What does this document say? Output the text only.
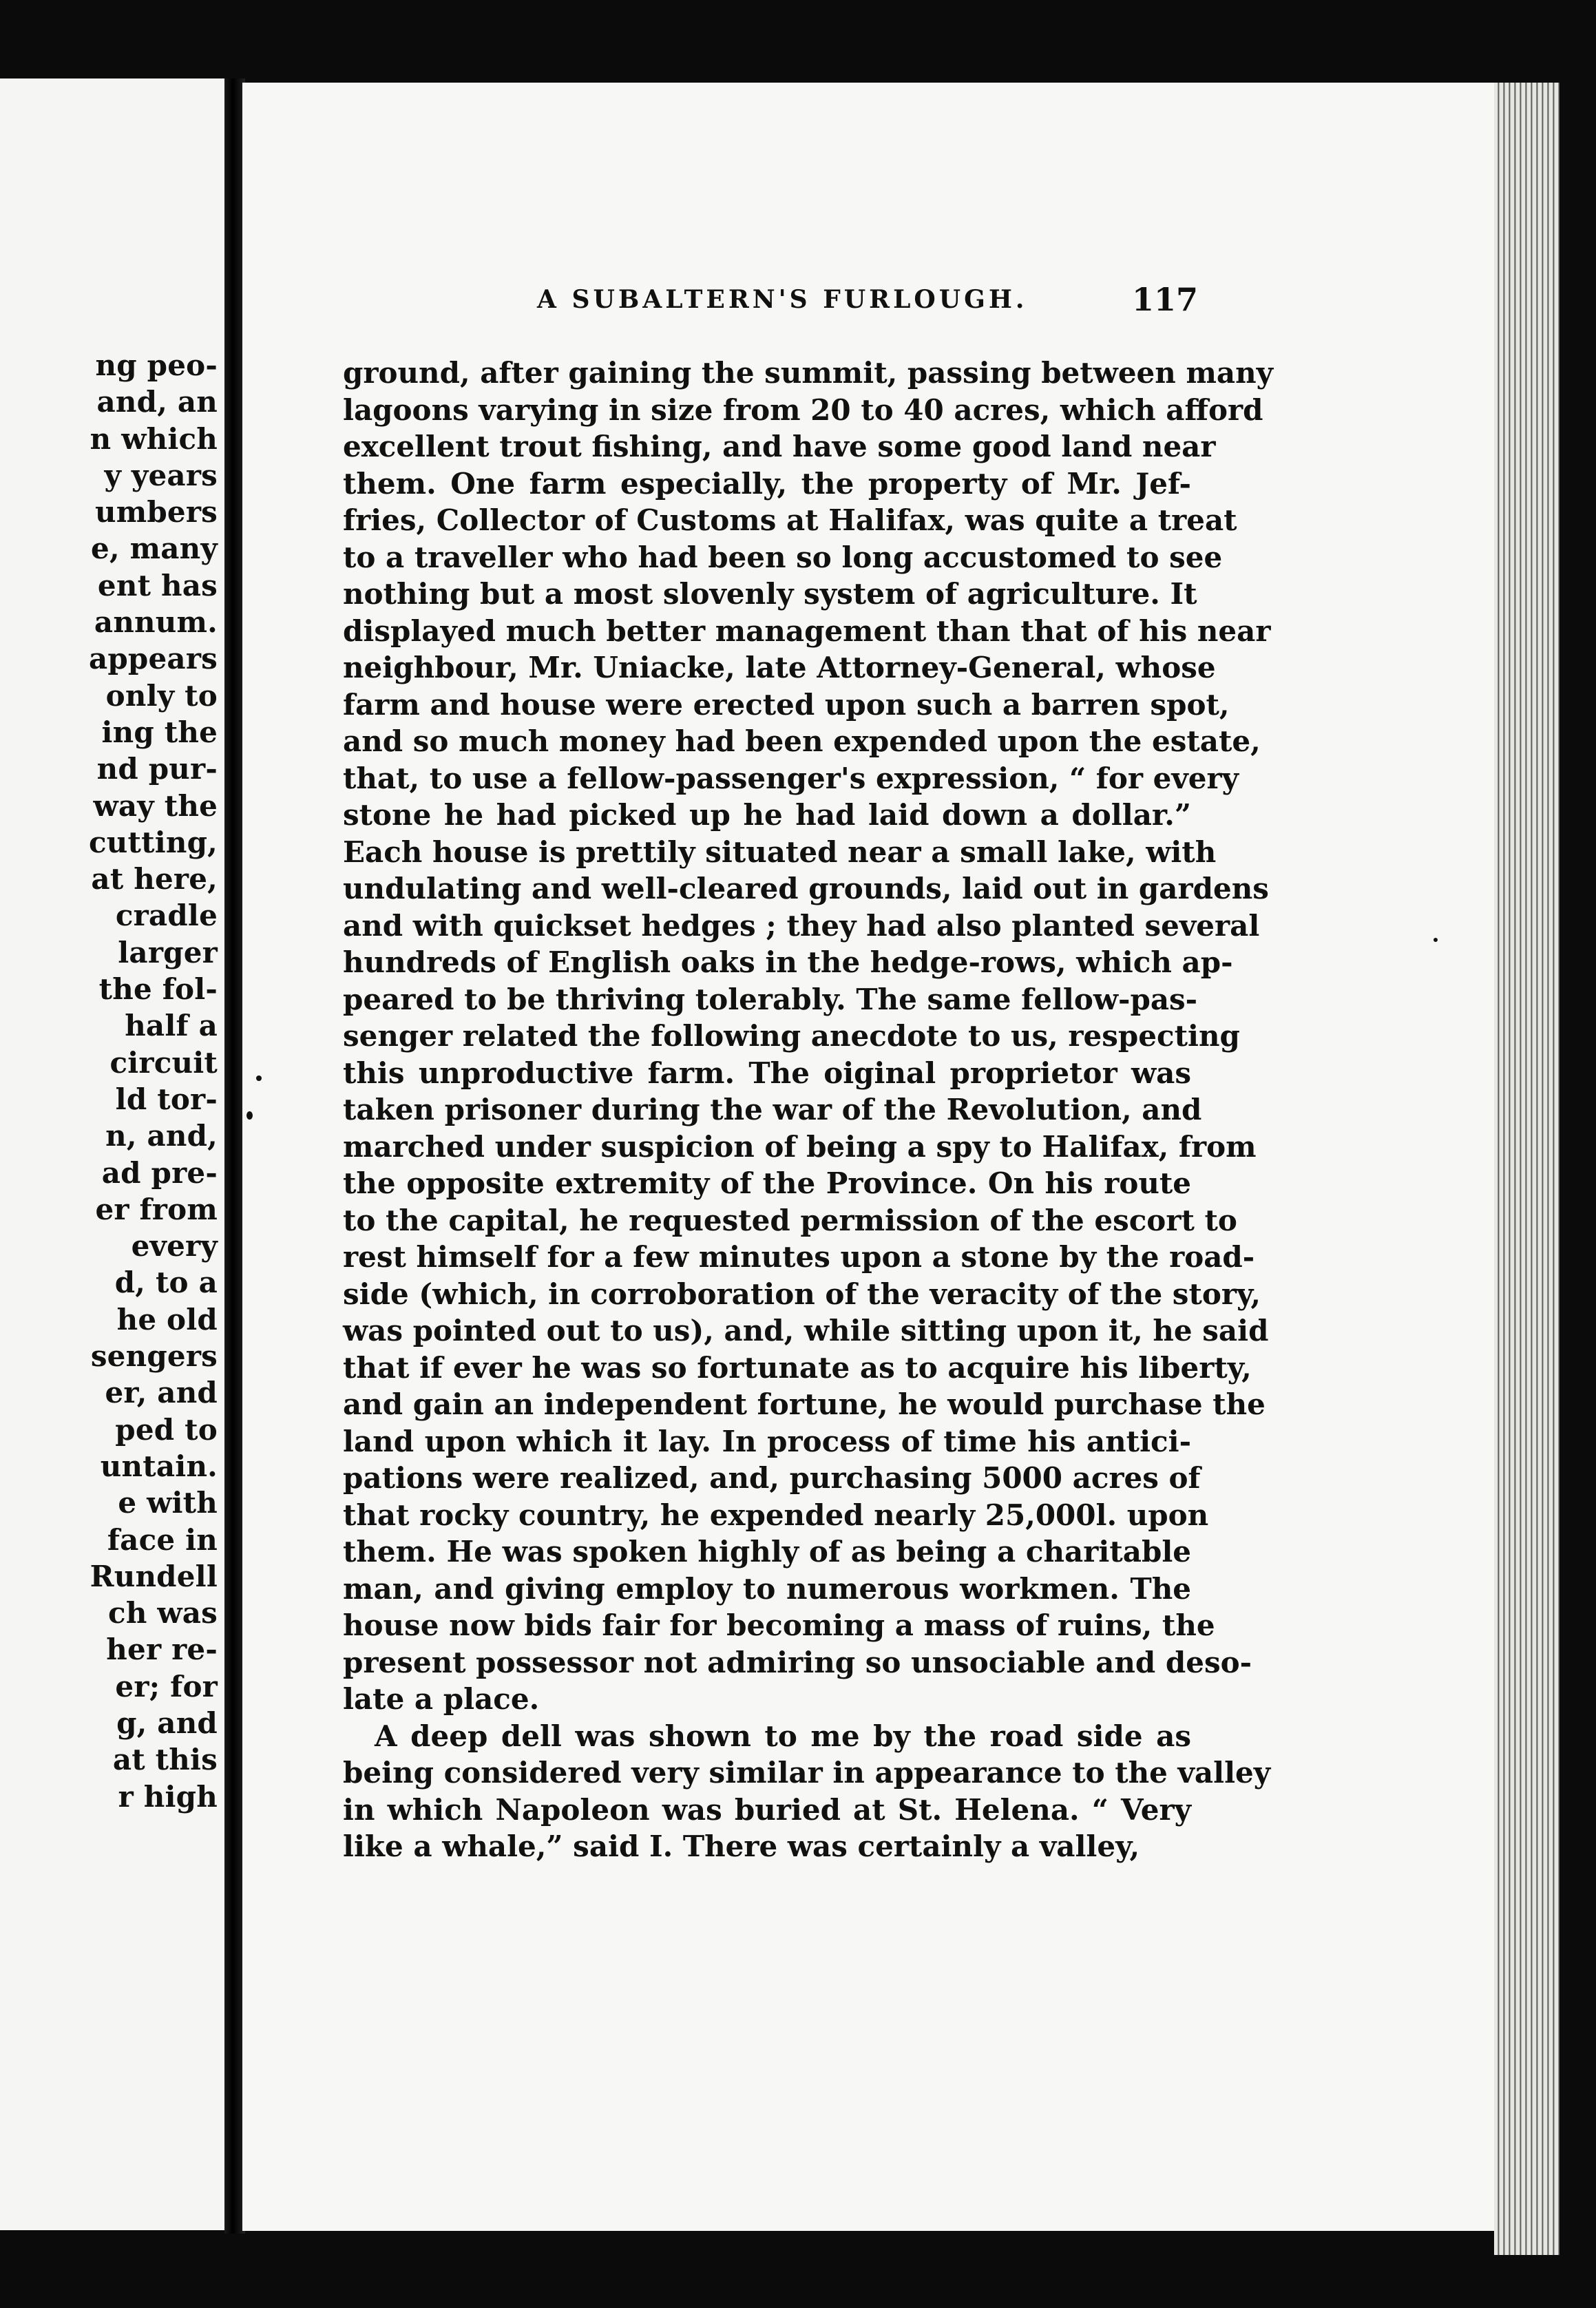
ng peo-
and, an
n which
y years
umbers
e, many
ent has
annum.
appears
only to
ing the
nd pur-
way the
cutting,
at here,
cradle
larger
the fol-
half a
circuit
ld tor-
n, and,
ad pre-
er from
every
d, to a
he old
sengers
er, and
ped to
untain.
e with
face in
Rundell
ch was
her re-
er; for
g, and
at this
r high
A SUBALTERN'S FURLOUGH.	117
ground, after gaining the summit, passing between many
lagoons varying in size from 20 to 40 acres, which afford
excellent trout fishing, and have some good land near
them. One farm especially, the property of Mr. Jef-
fries, Collector of Customs at Halifax, was quite a treat
to a traveller who had been so long accustomed to see
nothing but a most slovenly system of agriculture. It
displayed much better management than that of his near
neighbour, Mr. Uniacke, late Attorney-General, whose
farm and house were erected upon such a barren spot,
and so much money had been expended upon the estate,
that, to use a fellow-passenger's expression, “ for every
stone he had picked up he had laid down a dollar.”
Each house is prettily situated near a small lake, with
undulating and well-cleared grounds, laid out in gardens
and with quickset hedges ; they had also planted several
hundreds of English oaks in the hedge-rows, which ap-
peared to be thriving tolerably. The same fellow-pas-
senger related the following anecdote to us, respecting
this unproductive farm. The oiginal proprietor was
taken prisoner during the war of the Revolution, and
marched under suspicion of being a spy to Halifax, from
the opposite extremity of the Province. On his route
to the capital, he requested permission of the escort to
rest himself for a few minutes upon a stone by the road-
side (which, in corroboration of the veracity of the story,
was pointed out to us), and, while sitting upon it, he said
that if ever he was so fortunate as to acquire his liberty,
and gain an independent fortune, he would purchase the
land upon which it lay. In process of time his antici-
pations were realized, and, purchasing 5000 acres of
that rocky country, he expended nearly 25,000l. upon
them. He was spoken highly of as being a charitable
man, and giving employ to numerous workmen. The
house now bids fair for becoming a mass of ruins, the
present possessor not admiring so unsociable and deso-
late a place.
A deep dell was shown to me by the road side as
being considered very similar in appearance to the valley
in which Napoleon was buried at St. Helena. “ Very
like a whale,” said I. There was certainly a valley,
